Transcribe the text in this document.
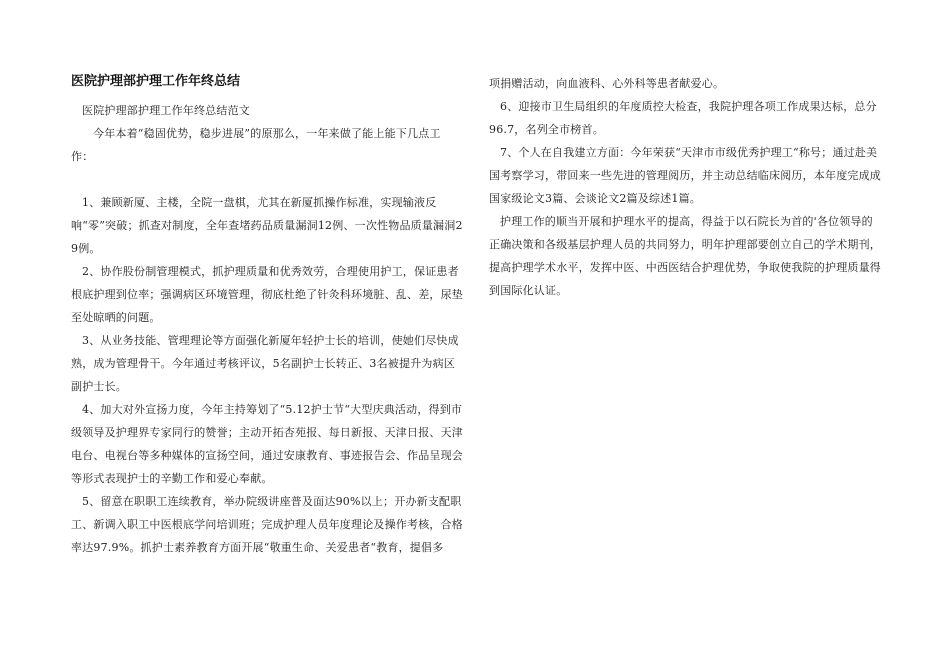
医院护理部护理工作年终总结

医院护理部护理工作年终总结范文

今年本着“稳固优势，稳步进展”的原那么，一年来做了能上能下几点工作：

1、兼顾新厦、主楼，全院一盘棋，尤其在新厦抓操作标准，实现输液反响“零”突破；抓查对制度，全年查堵药品质量漏洞12例、一次性物品质量漏洞29例。

2、协作股份制管理模式，抓护理质量和优秀效劳，合理使用护工，保证患者根底护理到位率；强调病区环境管理，彻底杜绝了针灸科环境脏、乱、差，尿垫至处晾晒的问题。

3、从业务技能、管理理论等方面强化新厦年轻护士长的培训，使她们尽快成熟，成为管理骨干。今年通过考核评议，5名副护士长转正、3名被提升为病区副护士长。

4、加大对外宣扬力度，今年主持筹划了“5.12护士节“大型庆典活动，得到市级领导及护理界专家同行的赞誉；主动开拓杏苑报、每日新报、天津日报、天津电台、电视台等多种媒体的宣扬空间，通过安康教育、事迹报告会、作品呈现会等形式表现护士的辛勤工作和爱心奉献。

5、留意在职职工连续教育，举办院级讲座普及面达90%以上；开办新支配职工、新调入职工中医根底学问培训班；完成护理人员年度理论及操作考核，合格率达97.9%。抓护士素养教育方面开展“敬重生命、关爱患者“教育，提倡多

项捐赠活动，向血液科、心外科等患者献爱心。

6、迎接市卫生局组织的年度质控大检查，我院护理各项工作成果达标，总分96.7，名列全市榜首。

7、个人在自我建立方面：今年荣获“天津市市级优秀护理工“称号；通过赴美国考察学习，带回来一些先进的管理阅历，并主动总结临床阅历，本年度完成成国家级论文3篇、会谈论文2篇及综述1篇。

护理工作的顺当开展和护理水平的提高，得益于以石院长为首的'各位领导的正确决策和各级基层护理人员的共同努力，明年护理部要创立自己的学术期刊，提高护理学术水平，发挥中医、中西医结合护理优势，争取使我院的护理质量得到国际化认证。
